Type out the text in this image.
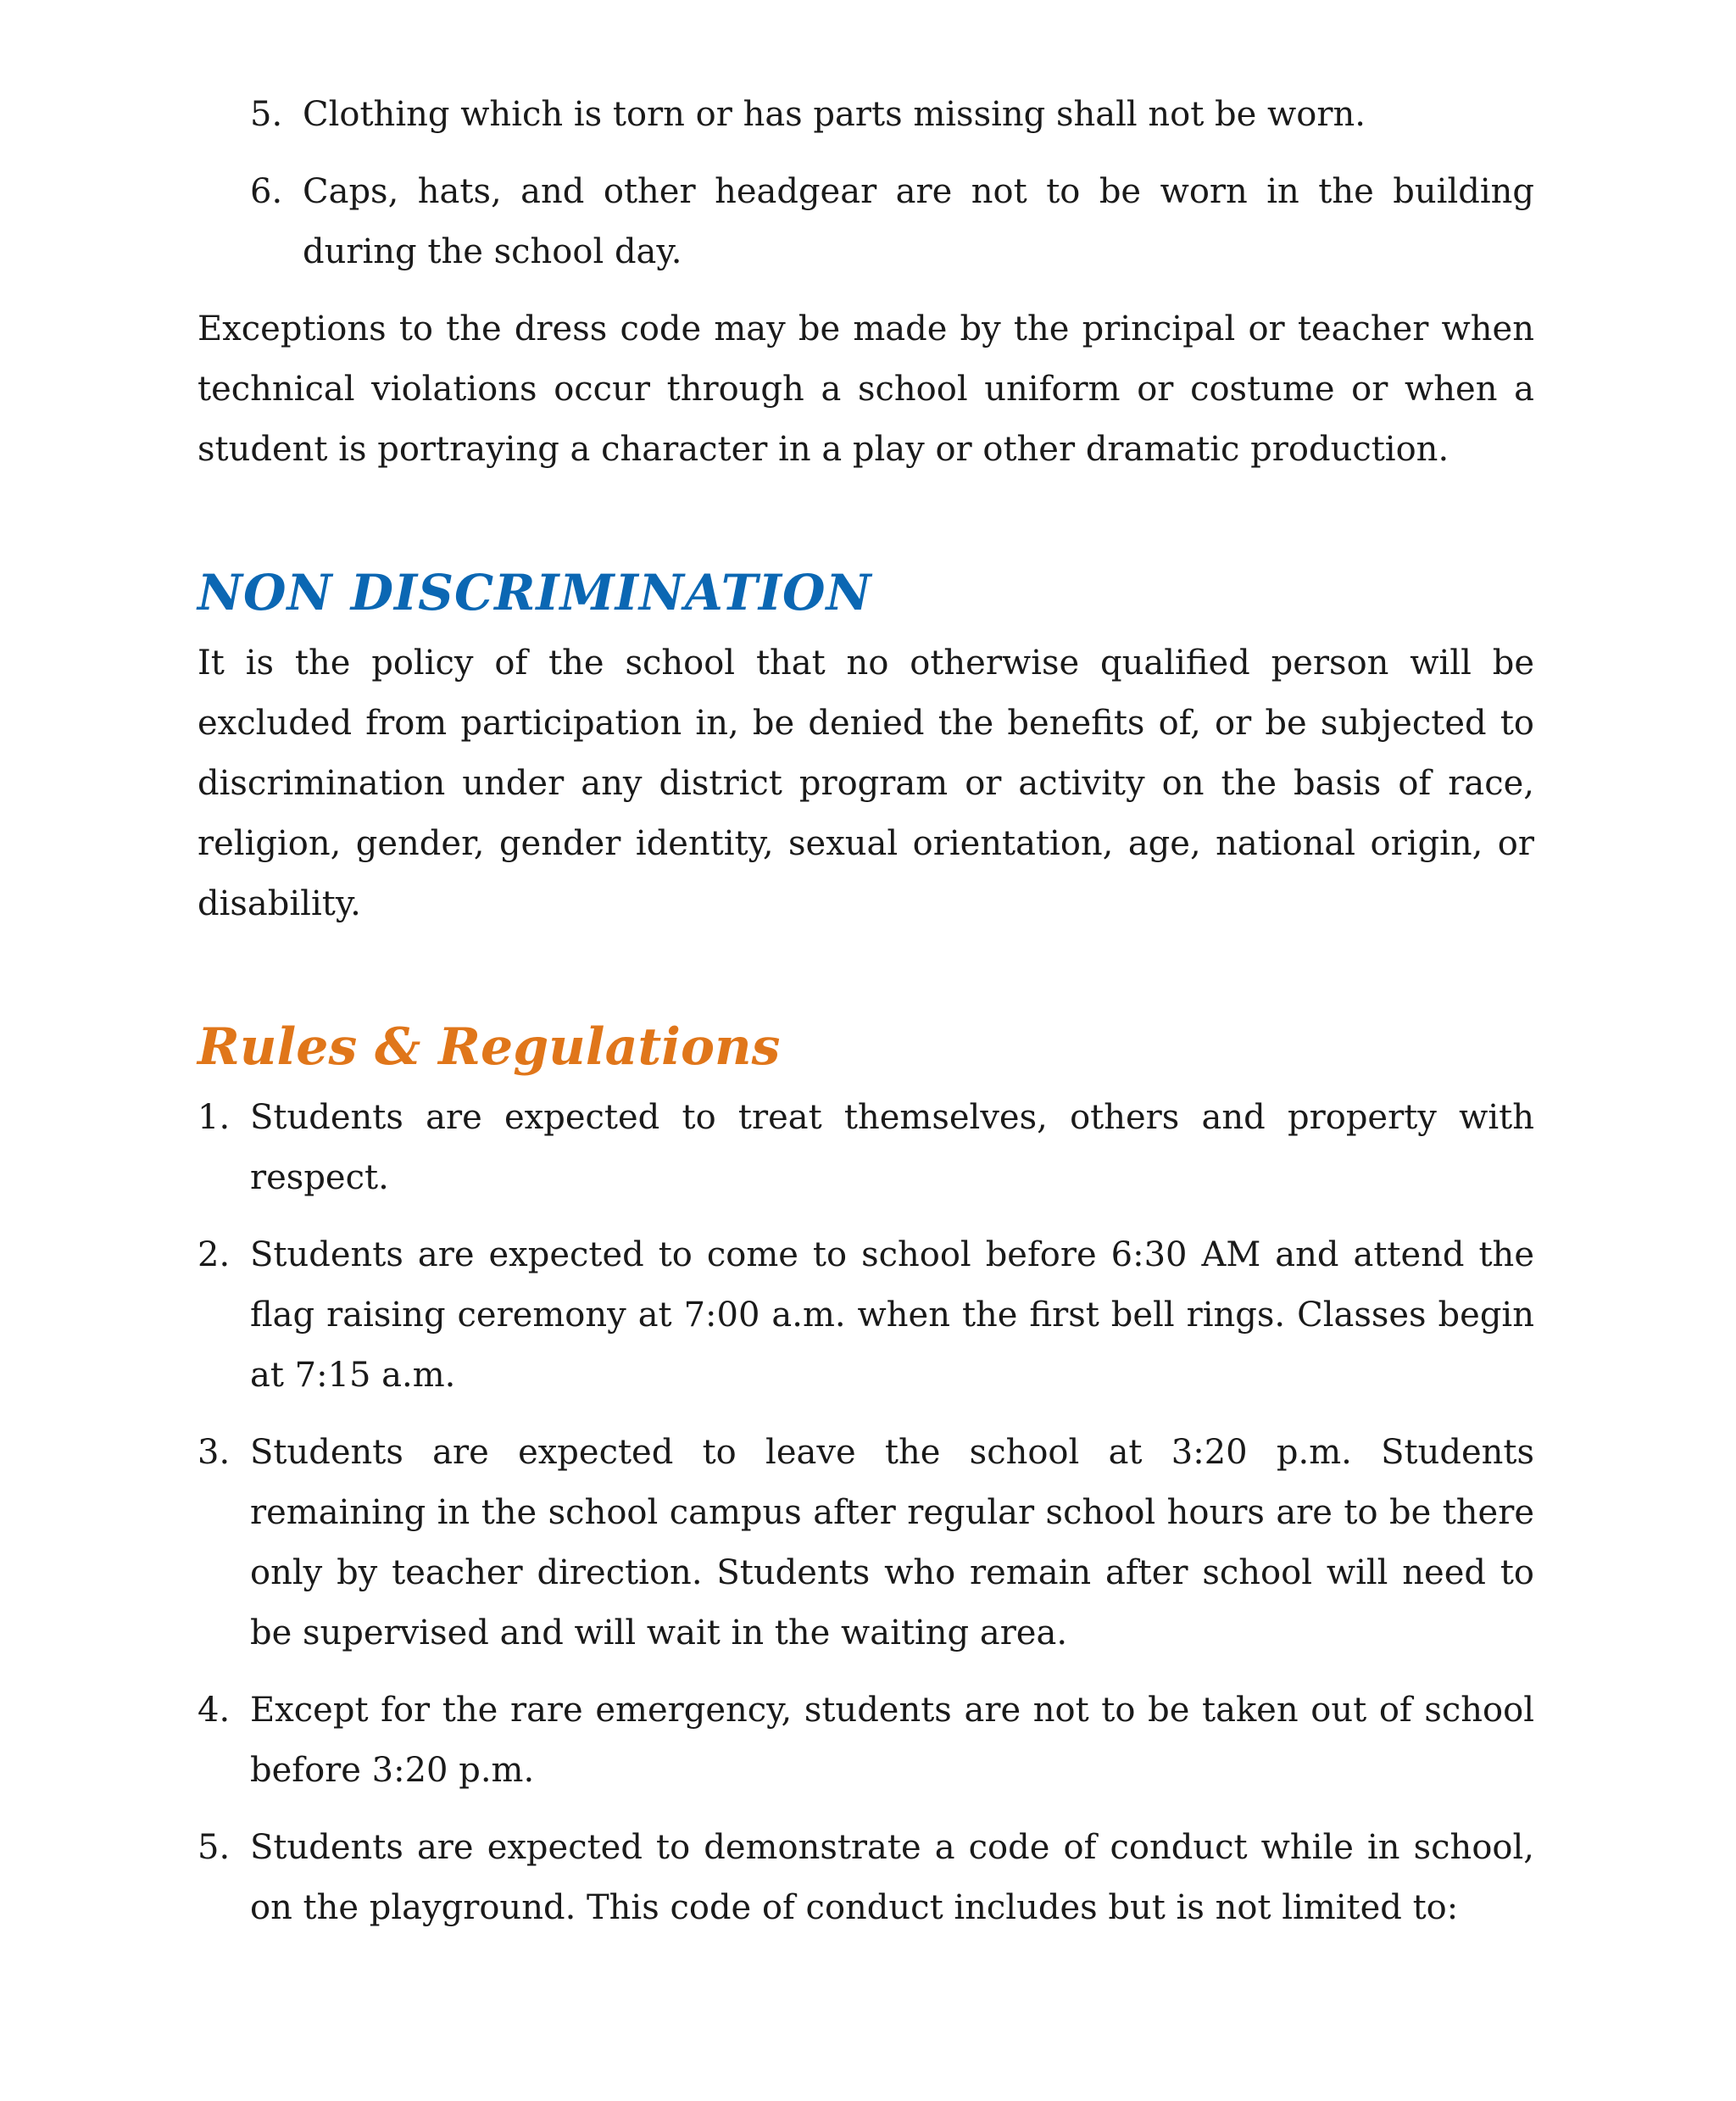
5. Clothing which is torn or has parts missing shall not be worn.
6. Caps, hats, and other headgear are not to be worn in the building during the school day.

Exceptions to the dress code may be made by the principal or teacher when technical violations occur through a school uniform or costume or when a student is portraying a character in a play or other dramatic production.

NON DISCRIMINATION

It is the policy of the school that no otherwise qualified person will be excluded from participation in, be denied the benefits of, or be subjected to discrimination under any district program or activity on the basis of race, religion, gender, gender identity, sexual orientation, age, national origin, or disability.

Rules & Regulations
1. Students are expected to treat themselves, others and property with respect.
2. Students are expected to come to school before 6:30 AM and attend the flag raising ceremony at 7:00 a.m. when the first bell rings. Classes begin at 7:15 a.m.
3. Students are expected to leave the school at 3:20 p.m. Students remaining in the school campus after regular school hours are to be there only by teacher direction. Students who remain after school will need to be supervised and will wait in the waiting area.
4. Except for the rare emergency, students are not to be taken out of school before 3:20 p.m.
5. Students are expected to demonstrate a code of conduct while in school, on the playground. This code of conduct includes but is not limited to:
